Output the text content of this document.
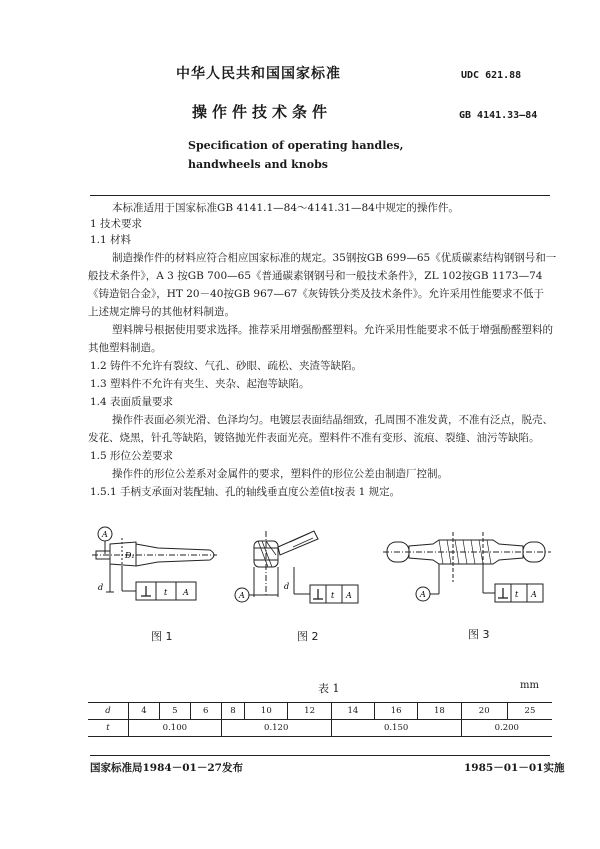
中华人民共和国国家标准	UDC 621.88
操作件技术条件	GB 4141.33—84
Specification of operating handles,
handwheels and knobs
本标准适用于国家标准GB 4141.1—84～4141.31—84中规定的操作件。
1 技术要求
1.1 材料
制造操作件的材料应符合相应国家标准的规定。35钢按GB 699—65《优质碳素结构钢钢号和一
般技术条件》，A 3 按GB 700—65《普通碳素钢钢号和一般技术条件》，ZL 102按GB 1173—74
《铸造铝合金》，HT 20－40按GB 967—67《灰铸铁分类及技术条件》。允许采用性能要求不低于
上述规定牌号的其他材料制造。
塑料牌号根据使用要求选择。推荐采用增强酚醛塑料。允许采用性能要求不低于增强酚醛塑料的
其他塑料制造。
1.2 铸件不允许有裂纹、气孔、砂眼、疏松、夹渣等缺陷。
1.3 塑料件不允许有夹生、夹杂、起泡等缺陷。
1.4 表面质量要求
操作件表面必须光滑、色泽均匀。电镀层表面结晶细致，孔周围不准发黄，不准有泛点，脱壳、
发花、烧黑，针孔等缺陷，镀铬抛光件表面光亮。塑料件不准有变形、流痕、裂缝、油污等缺陷。
1.5 形位公差要求
操作件的形位公差系对金属件的要求，塑料件的形位公差由制造厂控制。
1.5.1 手柄支承面对装配轴、孔的轴线垂直度公差值t按表 1 规定。
A
D₁
d
t A
图 1
A
d
t A
图 2
A	t A
图 3
表 1	mm
d	4	5	6	8	10	12	14	16	18	20	25
t	0.100			0.120			0.150			0.200	
国家标准局1984－01－27发布	1985－01－01实施
